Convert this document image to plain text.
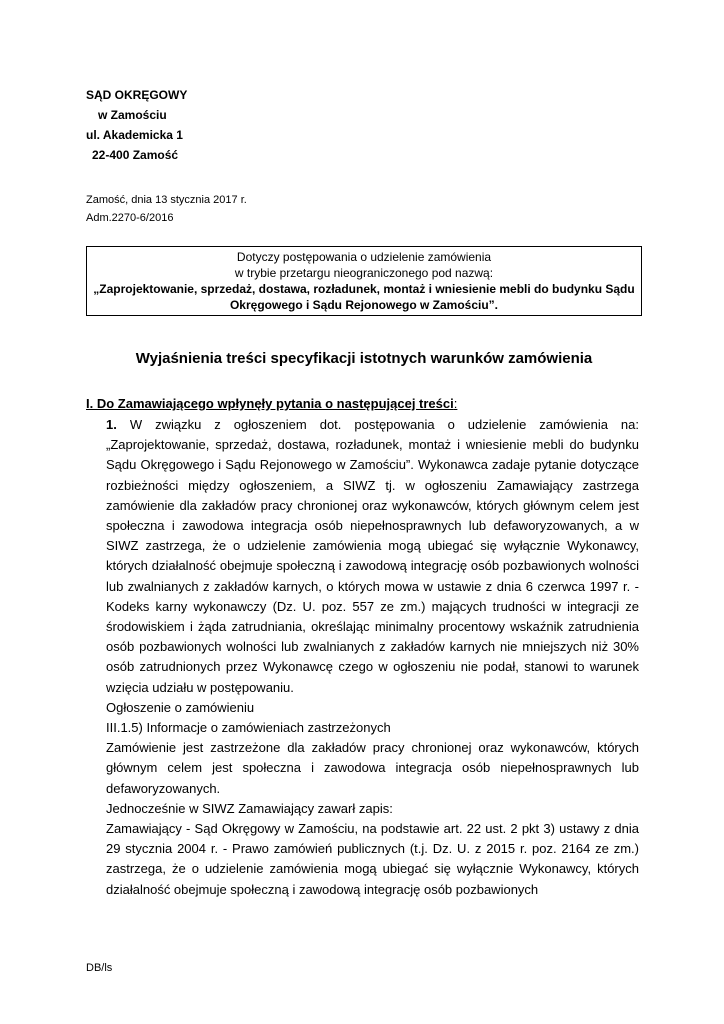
SĄD OKRĘGOWY
w Zamościu
ul. Akademicka 1
22-400 Zamość
Zamość, dnia 13 stycznia 2017 r.
Adm.2270-6/2016
Dotyczy postępowania o udzielenie zamówienia
w trybie przetargu nieograniczonego pod nazwą:
„Zaprojektowanie, sprzedaż, dostawa, rozładunek, montaż i wniesienie mebli do budynku Sądu Okręgowego i Sądu Rejonowego w Zamościu”.
Wyjaśnienia treści specyfikacji istotnych warunków zamówienia
I. Do Zamawiającego wpłynęły pytania o następującej treści:

1. W związku z ogłoszeniem dot. postępowania o udzielenie zamówienia na: „Zaprojektowanie, sprzedaż, dostawa, rozładunek, montaż i wniesienie mebli do budynku Sądu Okręgowego i Sądu Rejonowego w Zamościu”. Wykonawca zadaje pytanie dotyczące rozbieżności między ogłoszeniem, a SIWZ tj. w ogłoszeniu Zamawiający zastrzega zamówienie dla zakładów pracy chronionej oraz wykonawców, których głównym celem jest społeczna i zawodowa integracja osób niepełnosprawnych lub defaworyzowanych, a w SIWZ zastrzega, że o udzielenie zamówienia mogą ubiegać się wyłącznie Wykonawcy, których działalność obejmuje społeczną i zawodową integrację osób pozbawionych wolności lub zwalnianych z zakładów karnych, o których mowa w ustawie z dnia 6 czerwca 1997 r. - Kodeks karny wykonawczy (Dz. U. poz. 557 ze zm.) mających trudności w integracji ze środowiskiem i żąda zatrudniania, określając minimalny procentowy wskaźnik zatrudnienia osób pozbawionych wolności lub zwalnianych z zakładów karnych nie mniejszych niż 30% osób zatrudnionych przez Wykonawcę czego w ogłoszeniu nie podał, stanowi to warunek wzięcia udziału w postępowaniu.

Ogłoszenie o zamówieniu

III.1.5) Informacje o zamówieniach zastrzeżonych

Zamówienie jest zastrzeżone dla zakładów pracy chronionej oraz wykonawców, których głównym celem jest społeczna i zawodowa integracja osób niepełnosprawnych lub defaworyzowanych.

Jednocześnie w SIWZ Zamawiający zawarł zapis:

Zamawiający - Sąd Okręgowy w Zamościu, na podstawie art. 22 ust. 2 pkt 3) ustawy z dnia 29 stycznia 2004 r. - Prawo zamówień publicznych (t.j. Dz. U. z 2015 r. poz. 2164 ze zm.) zastrzega, że o udzielenie zamówienia mogą ubiegać się wyłącznie Wykonawcy, których działalność obejmuje społeczną i zawodową integrację osób pozbawionych

DB/ls
